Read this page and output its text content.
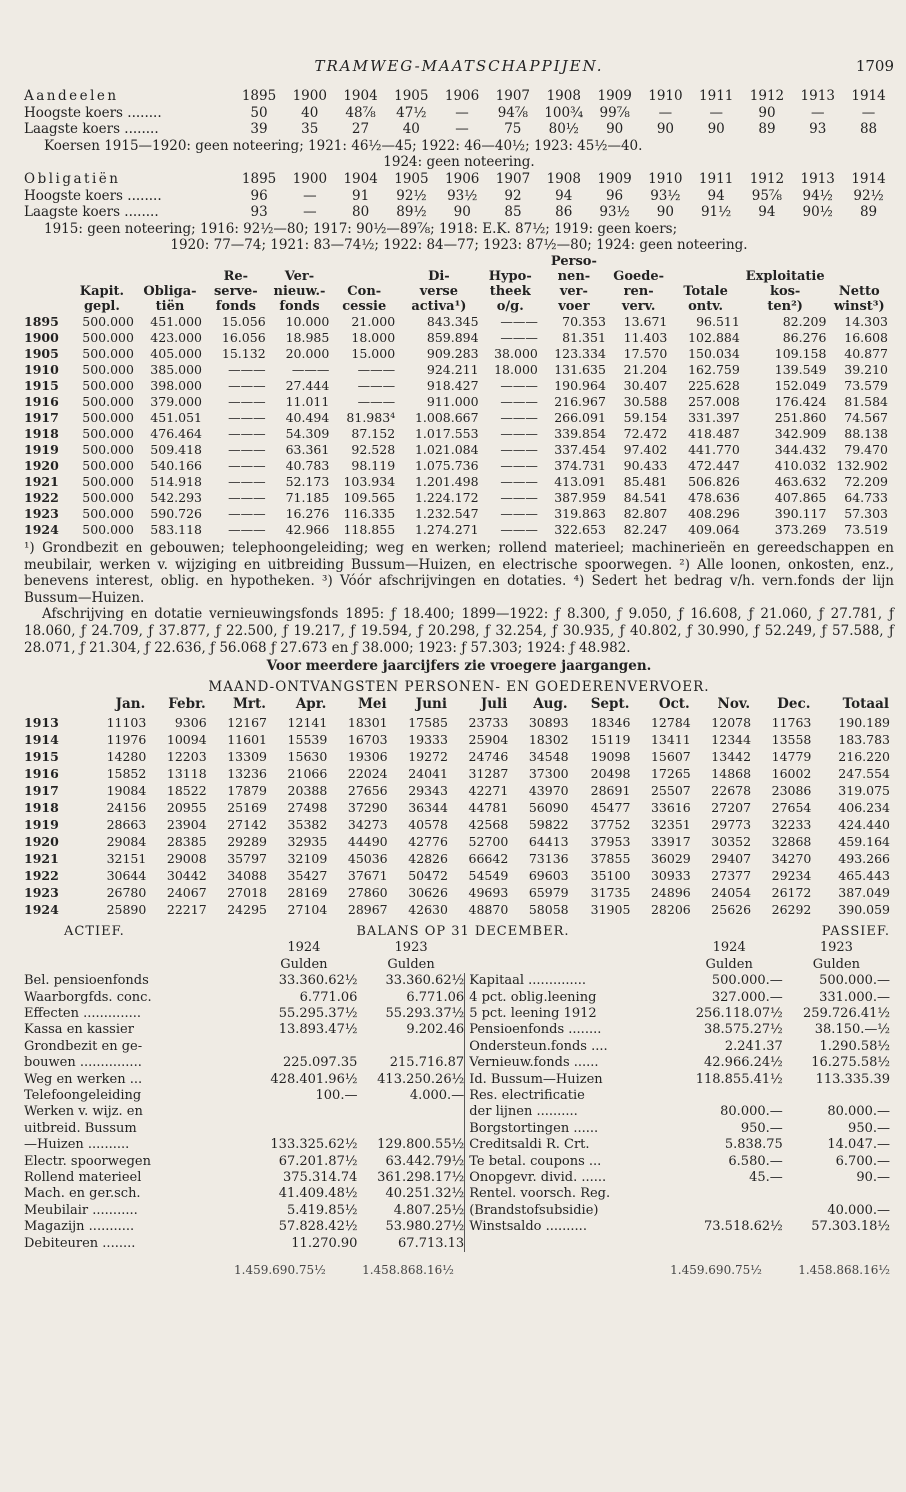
TRAMWEG-MAATSCHAPPIJEN.	1709
Aandeelen	1895	1900	1904	1905	1906	1907	1908	1909	1910	1911	1912	1913	1914
Hoogste koers ........	50	40	48⅞	47½	—	94⅞	100¾	99⅞	—	—	90	—	—
Laagste koers ........	39	35	27	40	—	75	80½	90	90	90	89	93	88
Koersen 1915—1920: geen noteering; 1921: 46½—45; 1922: 46—40½; 1923: 45½—40.
1924: geen noteering.
Obligatiën	1895	1900	1904	1905	1906	1907	1908	1909	1910	1911	1912	1913	1914
Hoogste koers ........	96	—	91	92½	93½	92	94	96	93½	94	95⅞	94½	92½
Laagste koers ........	93	—	80	89½	90	85	86	93½	90	91½	94	90½	89
1915: geen noteering; 1916: 92½—80; 1917: 90½—89⅞; 1918: E.K. 87½; 1919: geen koers;
1920: 77—74; 1921: 83—74½; 1922: 84—77; 1923: 87½—80; 1924: geen noteering.
								Perso-				
			Re-	Ver-		Di-	Hypo-	nen-	Goede-		Exploitatie	
	Kapit.	Obliga-	serve-	nieuw.-	Con-	verse	theek	ver-	ren-	Totale	kos-	Netto
	gepl.	tiën	fonds	fonds	cessie	activa¹)	o/g.	voer	verv.	ontv.	ten²)	winst³)
1895	500.000	451.000	15.056	10.000	21.000	843.345	———	70.353	13.671	96.511	82.209	14.303
1900	500.000	423.000	16.056	18.985	18.000	859.894	———	81.351	11.403	102.884	86.276	16.608
1905	500.000	405.000	15.132	20.000	15.000	909.283	38.000	123.334	17.570	150.034	109.158	40.877
1910	500.000	385.000	———	———	———	924.211	18.000	131.635	21.204	162.759	139.549	39.210
1915	500.000	398.000	———	27.444	———	918.427	———	190.964	30.407	225.628	152.049	73.579
1916	500.000	379.000	———	11.011	———	911.000	———	216.967	30.588	257.008	176.424	81.584
1917	500.000	451.051	———	40.494	81.983⁴	1.008.667	———	266.091	59.154	331.397	251.860	74.567
1918	500.000	476.464	———	54.309	87.152	1.017.553	———	339.854	72.472	418.487	342.909	88.138
1919	500.000	509.418	———	63.361	92.528	1.021.084	———	337.454	97.402	441.770	344.432	79.470
1920	500.000	540.166	———	40.783	98.119	1.075.736	———	374.731	90.433	472.447	410.032	132.902
1921	500.000	514.918	———	52.173	103.934	1.201.498	———	413.091	85.481	506.826	463.632	72.209
1922	500.000	542.293	———	71.185	109.565	1.224.172	———	387.959	84.541	478.636	407.865	64.733
1923	500.000	590.726	———	16.276	116.335	1.232.547	———	319.863	82.807	408.296	390.117	57.303
1924	500.000	583.118	———	42.966	118.855	1.274.271	———	322.653	82.247	409.064	373.269	73.519
¹) Grondbezit en gebouwen; telephoongeleiding; weg en werken; rollend materieel; machinerieën en gereedschappen en meubilair, werken v. wijziging en uitbreiding Bussum—Huizen, en electrische spoorwegen. ²) Alle loonen, onkosten, enz., benevens interest, oblig. en hypotheken. ³) Vóór afschrijvingen en dotaties. ⁴) Sedert het bedrag v/h. vern.fonds der lijn Bussum—Huizen.
Afschrijving en dotatie vernieuwingsfonds 1895: ƒ 18.400; 1899—1922: ƒ 8.300, ƒ 9.050, ƒ 16.608, ƒ 21.060, ƒ 27.781, ƒ 18.060, ƒ 24.709, ƒ 37.877, ƒ 22.500, ƒ 19.217, ƒ 19.594, ƒ 20.298, ƒ 32.254, ƒ 30.935, ƒ 40.802, ƒ 30.990, ƒ 52.249, ƒ 57.588, ƒ 28.071, ƒ 21.304, ƒ 22.636, ƒ 56.068 ƒ 27.673 en ƒ 38.000; 1923: ƒ 57.303; 1924: ƒ 48.982.
Voor meerdere jaarcijfers zie vroegere jaargangen.
MAAND-ONTVANGSTEN PERSONEN- EN GOEDERENVERVOER.
	Jan.	Febr.	Mrt.	Apr.	Mei	Juni	Juli	Aug.	Sept.	Oct.	Nov.	Dec.	Totaal
1913	11103	9306	12167	12141	18301	17585	23733	30893	18346	12784	12078	11763	190.189
1914	11976	10094	11601	15539	16703	19333	25904	18302	15119	13411	12344	13558	183.783
1915	14280	12203	13309	15630	19306	19272	24746	34548	19098	15607	13442	14779	216.220
1916	15852	13118	13236	21066	22024	24041	31287	37300	20498	17265	14868	16002	247.554
1917	19084	18522	17879	20388	27656	29343	42271	43970	28691	25507	22678	23086	319.075
1918	24156	20955	25169	27498	37290	36344	44781	56090	45477	33616	27207	27654	406.234
1919	28663	23904	27142	35382	34273	40578	42568	59822	37752	32351	29773	32233	424.440
1920	29084	28385	29289	32935	44490	42776	52700	64413	37953	33917	30352	32868	459.164
1921	32151	29008	35797	32109	45036	42826	66642	73136	37855	36029	29407	34270	493.266
1922	30644	30442	34088	35427	37671	50472	54549	69603	35100	30933	27377	29234	465.443
1923	26780	24067	27018	28169	27860	30626	49693	65979	31735	24896	24054	26172	387.049
1924	25890	22217	24295	27104	28967	42630	48870	58058	31905	28206	25626	26292	390.059
ACTIEF.	BALANS OP 31 DECEMBER.			PASSIEF.	
	1924	1923		1924	1923
	Gulden	Gulden		Gulden	Gulden
Bel. pensioenfonds	33.360.62½	33.360.62½	Kapitaal ..............	500.000.—	500.000.—
Waarborgfds. conc.	6.771.06	6.771.06	4 pct. oblig.leening	327.000.—	331.000.—
Effecten ..............	55.295.37½	55.293.37½	5 pct. leening 1912	256.118.07½	259.726.41½
Kassa en kassier	13.893.47½	9.202.46	Pensioenfonds ........	38.575.27½	38.150.—½
Grondbezit en ge-			Ondersteun.fonds ....	2.241.37	1.290.58½
bouwen ...............	225.097.35	215.716.87	Vernieuw.fonds ......	42.966.24½	16.275.58½
Weg en werken ...	428.401.96½	413.250.26½	Id. Bussum—Huizen	118.855.41½	113.335.39
Telefoongeleiding	100.—	4.000.—	Res. electrificatie		
Werken v. wijz. en			der lijnen ..........	80.000.—	80.000.—
uitbreid. Bussum			Borgstortingen ......	950.—	950.—
—Huizen ..........	133.325.62½	129.800.55½	Creditsaldi R. Crt.	5.838.75	14.047.—
Electr. spoorwegen	67.201.87½	63.442.79½	Te betal. coupons ...	6.580.—	6.700.—
Rollend materieel	375.314.74	361.298.17½	Onopgevr. divid. ......	45.—	90.—
Mach. en ger.sch.	41.409.48½	40.251.32½	Rentel. voorsch. Reg.		
Meubilair ...........	5.419.85½	4.807.25½	(Brandstofsubsidie)		40.000.—
Magazijn ...........	57.828.42½	53.980.27½	Winstsaldo ..........	73.518.62½	57.303.18½
Debiteuren ........	11.270.90	67.713.13			
1.459.690.75½	1.458.868.16½	1.459.690.75½	1.458.868.16½
